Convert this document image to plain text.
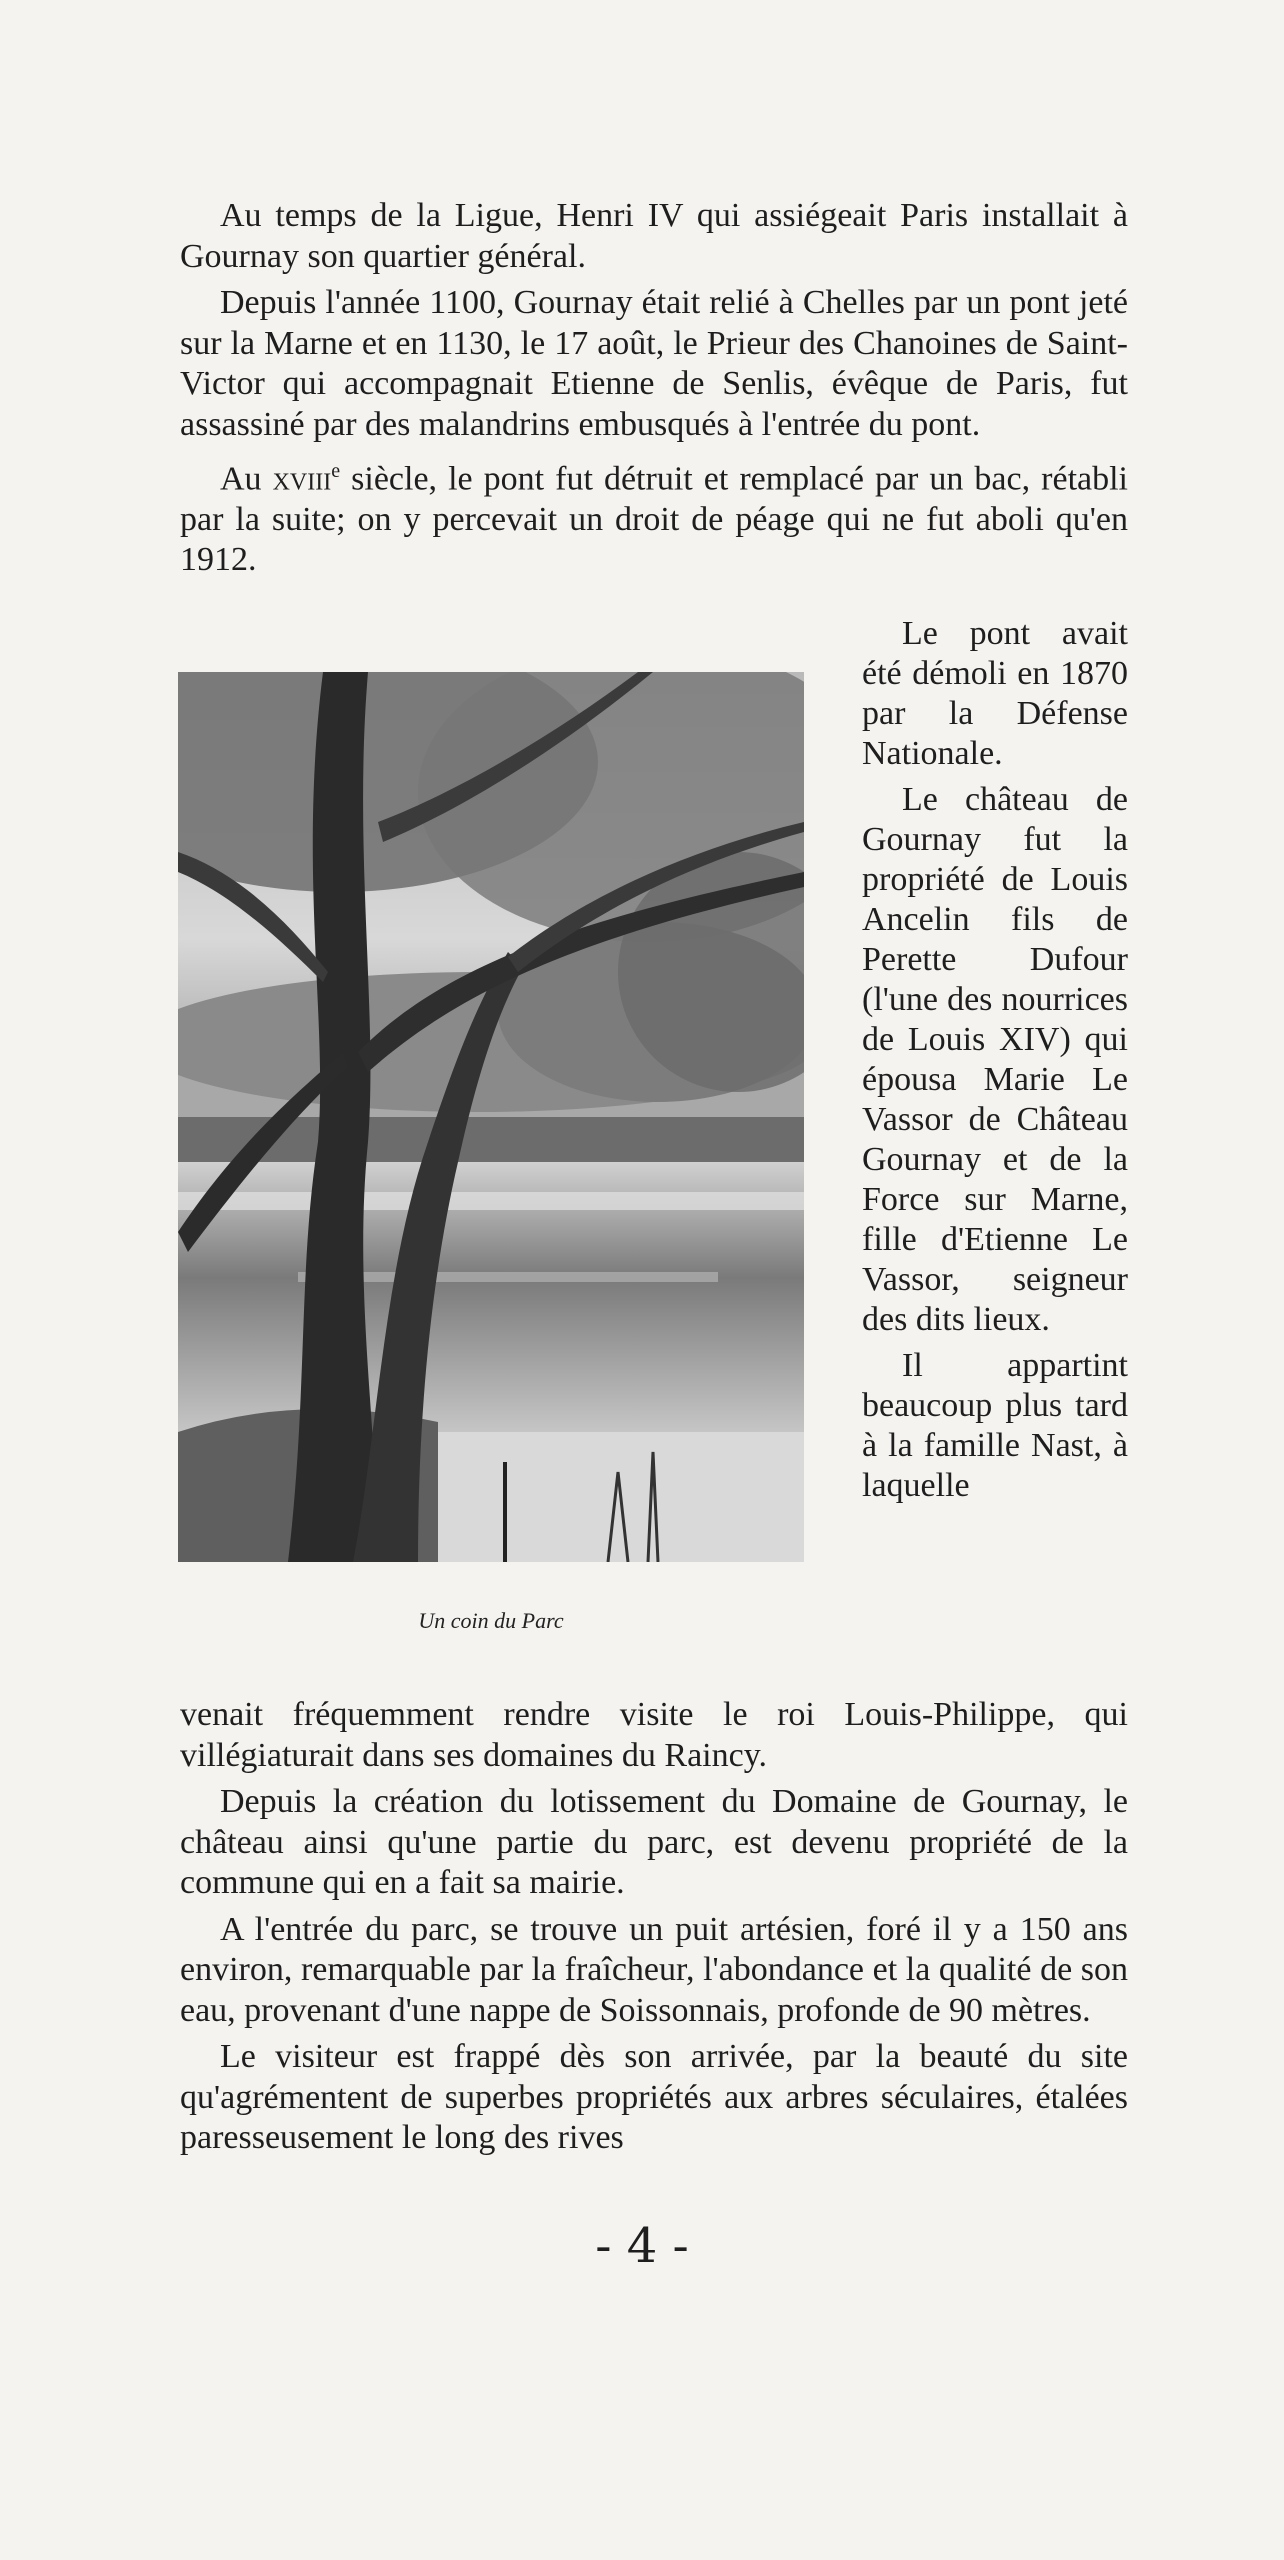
Au temps de la Ligue, Henri IV qui assiégeait Paris installait à Gournay son quartier général.

Depuis l'année 1100, Gournay était relié à Chelles par un pont jeté sur la Marne et en 1130, le 17 août, le Prieur des Chanoines de Saint-Victor qui accompagnait Etienne de Senlis, évêque de Paris, fut assassiné par des malandrins embusqués à l'entrée du pont.

Au xviii$^e$ siècle, le pont fut détruit et remplacé par un bac, rétabli par la suite; on y percevait un droit de péage qui ne fut aboli qu'en 1912.

Un coin du Parc

Le pont avait été démoli en 1870 par la Défense Nationale.

Le château de Gournay fut la propriété de Louis Ancelin fils de Perette Dufour (l'une des nourrices de Louis XIV) qui épousa Marie Le Vassor de Château Gournay et de la Force sur Marne, fille d'Etienne Le Vassor, seigneur des dits lieux.

Il appartint beaucoup plus tard à la famille Nast, à laquelle

venait fréquemment rendre visite le roi Louis-Philippe, qui villégiaturait dans ses domaines du Raincy.

Depuis la création du lotissement du Domaine de Gournay, le château ainsi qu'une partie du parc, est devenu propriété de la commune qui en a fait sa mairie.

A l'entrée du parc, se trouve un puit artésien, foré il y a 150 ans environ, remarquable par la fraîcheur, l'abondance et la qualité de son eau, provenant d'une nappe de Soissonnais, profonde de 90 mètres.

Le visiteur est frappé dès son arrivée, par la beauté du site qu'agrémentent de superbes propriétés aux arbres séculaires, étalées paresseusement le long des rives

- 4 -
